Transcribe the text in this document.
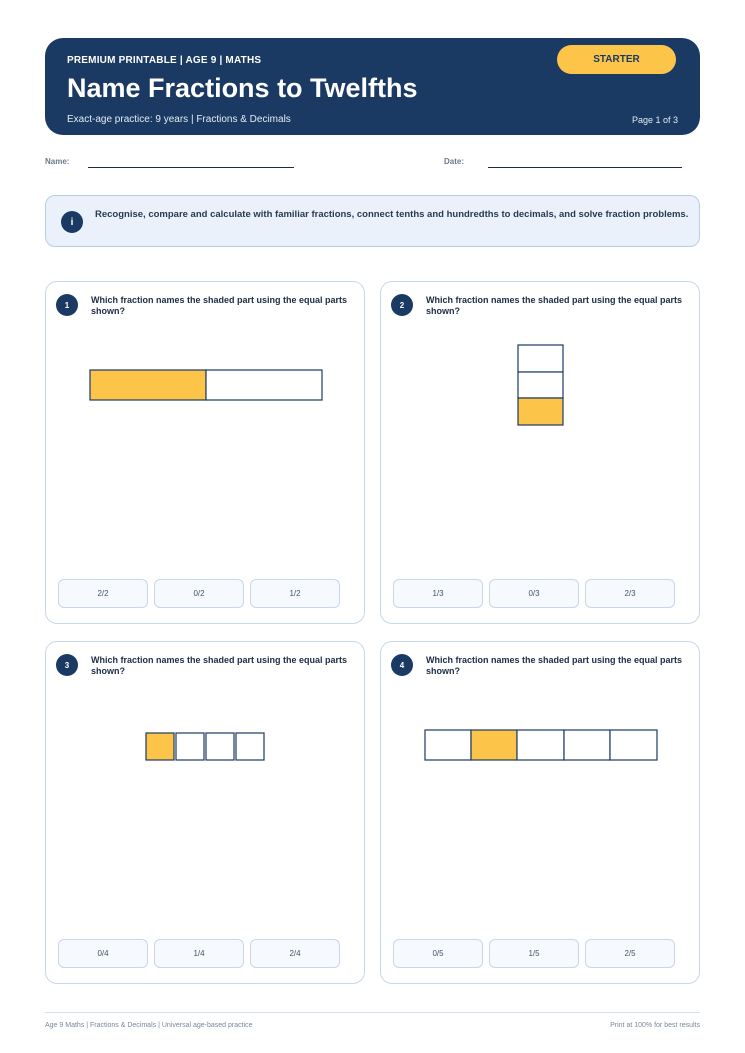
PREMIUM PRINTABLE | AGE 9 | MATHS
Name Fractions to Twelfths
Exact-age practice: 9 years | Fractions & Decimals
STARTER
Page 1 of 3
Name:	Date:
i
Recognise, compare and calculate with familiar fractions, connect tenths and hundredths to decimals, and solve fraction problems.
1	Which fraction names the shaded part using the equal parts shown?
2/2	0/2	1/2
2	Which fraction names the shaded part using the equal parts shown?
1/3	0/3	2/3
3	Which fraction names the shaded part using the equal parts shown?
0/4	1/4	2/4
4	Which fraction names the shaded part using the equal parts shown?
0/5	1/5	2/5
Age 9 Maths | Fractions & Decimals | Universal age-based practice	Print at 100% for best results
